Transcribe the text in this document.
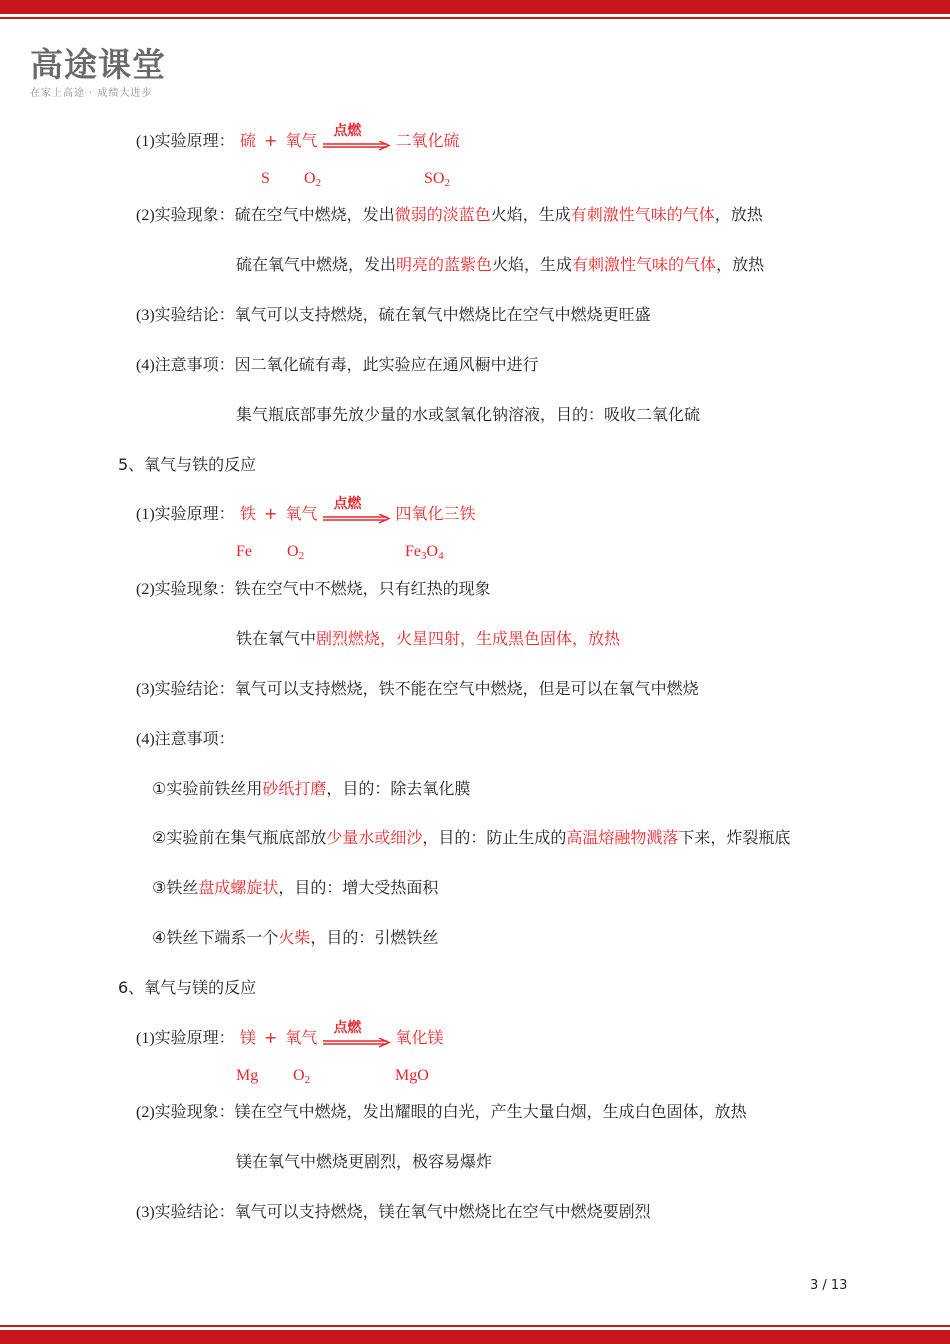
高途课堂
在家上高途 · 成绩大进步
(1)实验原理： 硫 + 氧气 点燃 二氧化硫
S $O_2$	$SO_2$
(2)实验现象：硫在空气中燃烧，发出微弱的淡蓝色火焰，生成有刺激性气味的气体，放热
硫在氧气中燃烧，发出明亮的蓝紫色火焰，生成有刺激性气味的气体，放热
(3)实验结论：氧气可以支持燃烧，硫在氧气中燃烧比在空气中燃烧更旺盛
(4)注意事项：因二氧化硫有毒，此实验应在通风橱中进行
集气瓶底部事先放少量的水或氢氧化钠溶液，目的：吸收二氧化硫
5、氧气与铁的反应
(1)实验原理： 铁 + 氧气 点燃 四氧化三铁
Fe $O_2$	$Fe_3O_4$
(2)实验现象：铁在空气中不燃烧，只有红热的现象
铁在氧气中剧烈燃烧，火星四射，生成黑色固体，放热
(3)实验结论：氧气可以支持燃烧，铁不能在空气中燃烧，但是可以在氧气中燃烧
(4)注意事项：
①实验前铁丝用砂纸打磨，目的：除去氧化膜
②实验前在集气瓶底部放少量水或细沙，目的：防止生成的高温熔融物溅落下来，炸裂瓶底
③铁丝盘成螺旋状，目的：增大受热面积
④铁丝下端系一个火柴，目的：引燃铁丝
6、氧气与镁的反应
(1)实验原理： 镁 + 氧气 点燃 氧化镁
Mg $O_2$	MgO
(2)实验现象：镁在空气中燃烧，发出耀眼的白光，产生大量白烟，生成白色固体，放热
镁在氧气中燃烧更剧烈，极容易爆炸
(3)实验结论：氧气可以支持燃烧，镁在氧气中燃烧比在空气中燃烧要剧烈
3 / 13
